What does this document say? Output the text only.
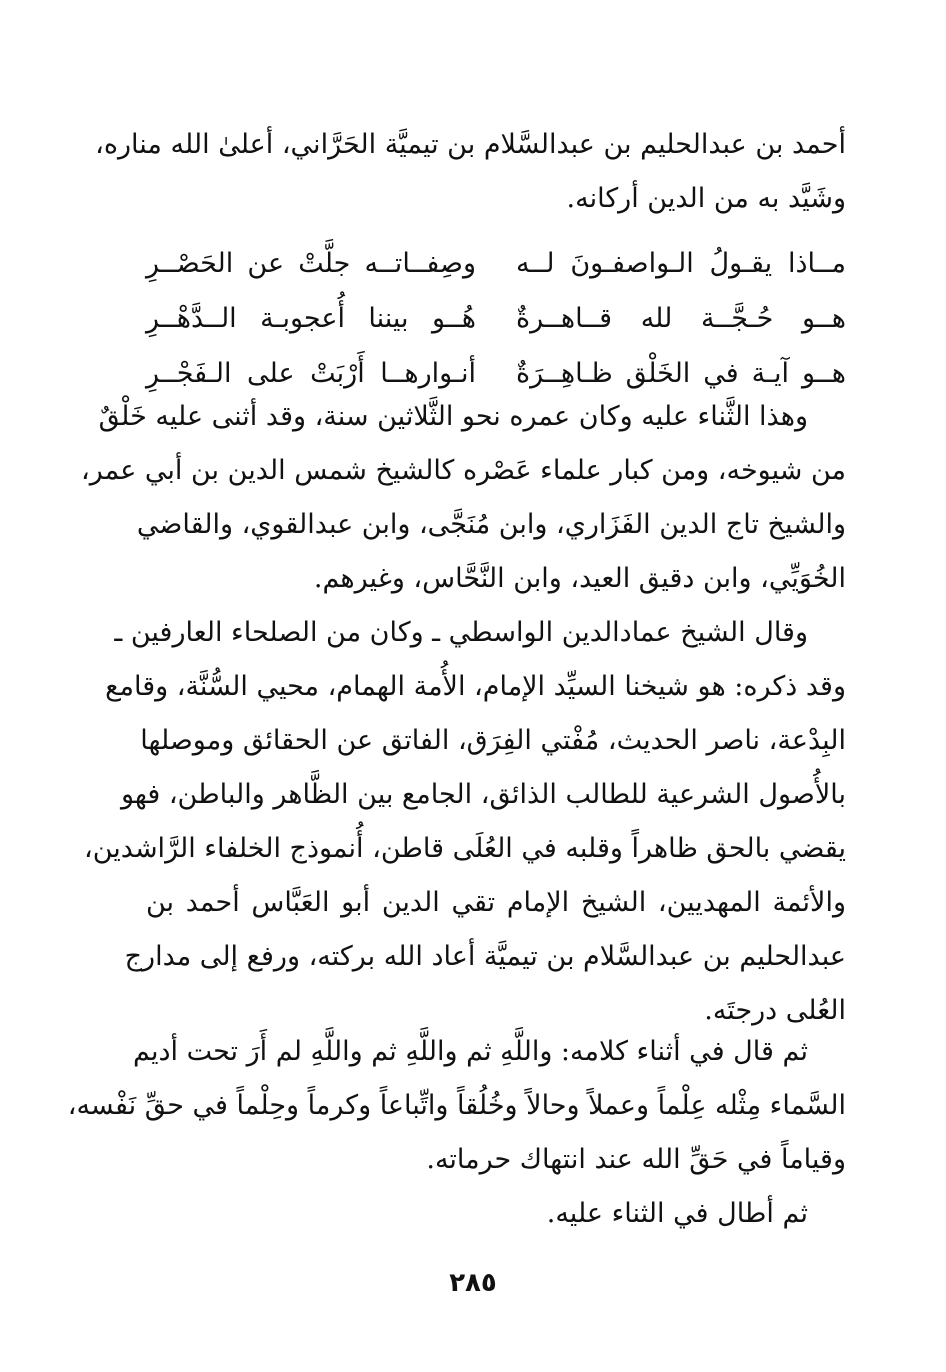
أحمد بن عبدالحليم بن عبدالسَّلام بن تيميَّة الحَرَّاني، أعلىٰ الله مناره،
وشَيَّد به من الدين أركانه.
مــاذا يقـولُ الـواصفـونَ لــه
وصِفــاتــه جلَّتْ عن الحَصْــرِ
هــو حُـجَّــة لله قــاهــرةٌ
هُــو بيننا أُعجوبـة الــدَّهْــرِ
هــو آيـة في الخَلْق ظـاهِــرَةٌ
أنـوارهــا أَرْبَتْ على الـفَجْــرِ
وهذا الثَّناء عليه وكان عمره نحو الثَّلاثين سنة، وقد أثنى عليه خَلْقٌ
من شيوخه، ومن كبار علماء عَصْره كالشيخ شمس الدين بن أبي عمر،
والشيخ تاج الدين الفَزَاري، وابن مُنَجَّى، وابن عبدالقوي، والقاضي
الخُوَيِّي، وابن دقيق العيد، وابن النَّحَّاس، وغيرهم.
وقال الشيخ عمادالدين الواسطي ـ وكان من الصلحاء العارفين ـ
وقد ذكره: هو شيخنا السيِّد الإمام، الأُمة الهمام، محيي السُّنَّة، وقامع
البِدْعة، ناصر الحديث، مُفْتي الفِرَق، الفاتق عن الحقائق وموصلها
بالأُصول الشرعية للطالب الذائق، الجامع بين الظَّاهر والباطن، فهو
يقضي بالحق ظاهراً وقلبه في العُلَى قاطن، أُنموذج الخلفاء الرَّاشدين،
والأئمة المهديين، الشيخ الإمام تقي الدين أبو العَبَّاس أحمد بن
عبدالحليم بن عبدالسَّلام بن تيميَّة أعاد الله بركته، ورفع إلى مدارج
العُلى درجتَه.
ثم قال في أثناء كلامه: واللَّهِ ثم واللَّهِ ثم واللَّهِ لم أَرَ تحت أديم
السَّماء مِثْله عِلْماً وعملاً وحالاً وخُلُقاً واتِّباعاً وكرماً وحِلْماً في حقِّ نَفْسه،
وقياماً في حَقِّ الله عند انتهاك حرماته.
ثم أطال في الثناء عليه.
٢٨٥
